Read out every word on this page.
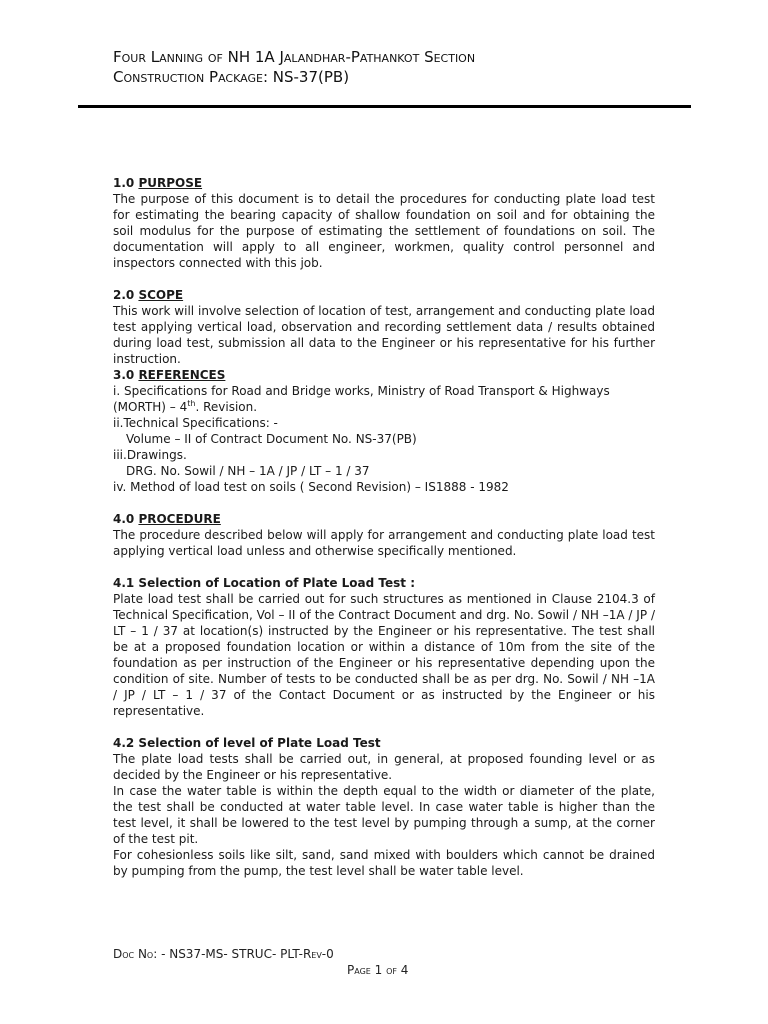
Four Lanning of NH 1A Jalandhar-Pathankot Section
Construction Package: NS-37(PB)
1.0 PURPOSE

The purpose of this document is to detail the procedures for conducting plate load test for estimating the bearing capacity of shallow foundation on soil and for obtaining the soil modulus for the purpose of estimating the settlement of foundations on soil. The documentation will apply to all engineer, workmen, quality control personnel and inspectors connected with this job.

2.0 SCOPE

This work will involve selection of location of test, arrangement and conducting plate load test applying vertical load, observation and recording settlement data / results obtained during load test, submission all data to the Engineer or his representative for his further instruction.

3.0 REFERENCES

i. Specifications for Road and Bridge works, Ministry of Road Transport & Highways (MORTH) – 4th. Revision.

ii.Technical Specifications: -

Volume – II of Contract Document No. NS-37(PB)

iii.Drawings.

DRG. No. Sowil / NH – 1A / JP / LT – 1 / 37

iv. Method of load test on soils ( Second Revision) – IS1888 - 1982

4.0 PROCEDURE

The procedure described below will apply for arrangement and conducting plate load test applying vertical load unless and otherwise specifically mentioned.

4.1 Selection of Location of Plate Load Test :

Plate load test shall be carried out for such structures as mentioned in Clause 2104.3 of Technical Specification, Vol – II of the Contract Document and drg. No. Sowil / NH –1A / JP / LT – 1 / 37 at location(s) instructed by the Engineer or his representative. The test shall be at a proposed foundation location or within a distance of 10m from the site of the foundation as per instruction of the Engineer or his representative depending upon the condition of site. Number of tests to be conducted shall be as per drg. No. Sowil / NH –1A / JP / LT – 1 / 37 of the Contact Document or as instructed by the Engineer or his representative.

4.2 Selection of level of Plate Load Test

The plate load tests shall be carried out, in general, at proposed founding level or as decided by the Engineer or his representative.

In case the water table is within the depth equal to the width or diameter of the plate, the test shall be conducted at water table level. In case water table is higher than the test level, it shall be lowered to the test level by pumping through a sump, at the corner of the test pit.

For cohesionless soils like silt, sand, sand mixed with boulders which cannot be drained by pumping from the pump, the test level shall be water table level.

Doc No: - NS37-MS- STRUC- PLT-Rev-0
Page 1 of 4
